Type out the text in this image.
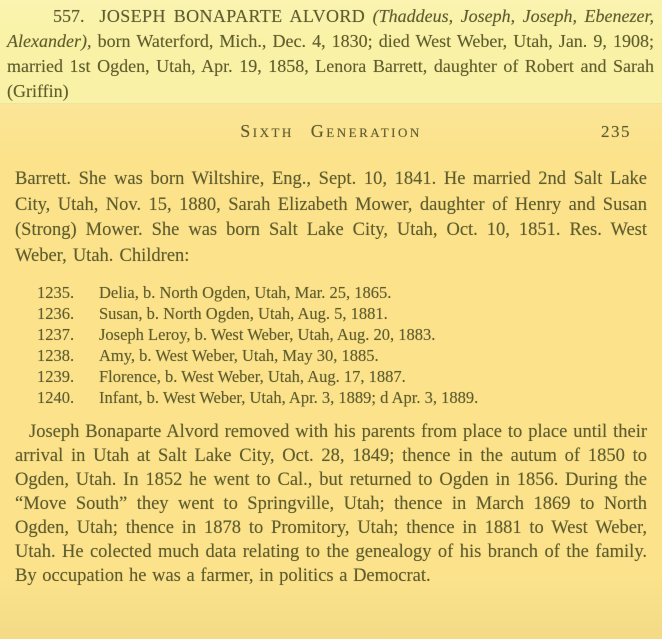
557. JOSEPH BONAPARTE ALVORD (Thaddeus, Joseph, Joseph, Ebenezer, Alexander), born Waterford, Mich., Dec. 4, 1830; died West Weber, Utah, Jan. 9, 1908; married 1st Ogden, Utah, Apr. 19, 1858, Lenora Barrett, daughter of Robert and Sarah (Griffin)

Sixth Generation	235

Barrett. She was born Wiltshire, Eng., Sept. 10, 1841. He married 2nd Salt Lake City, Utah, Nov. 15, 1880, Sarah Elizabeth Mower, daughter of Henry and Susan (Strong) Mower. She was born Salt Lake City, Utah, Oct. 10, 1851. Res. West Weber, Utah. Children:

1235.	Delia, b. North Ogden, Utah, Mar. 25, 1865.
1236.	Susan, b. North Ogden, Utah, Aug. 5, 1881.
1237.	Joseph Leroy, b. West Weber, Utah, Aug. 20, 1883.
1238.	Amy, b. West Weber, Utah, May 30, 1885.
1239.	Florence, b. West Weber, Utah, Aug. 17, 1887.
1240.	Infant, b. West Weber, Utah, Apr. 3, 1889; d Apr. 3, 1889.

Joseph Bonaparte Alvord removed with his parents from place to place until their arrival in Utah at Salt Lake City, Oct. 28, 1849; thence in the autum of 1850 to Ogden, Utah. In 1852 he went to Cal., but returned to Ogden in 1856. During the “Move South” they went to Springville, Utah; thence in March 1869 to North Ogden, Utah; thence in 1878 to Promitory, Utah; thence in 1881 to West Weber, Utah. He colected much data relating to the genealogy of his branch of the family. By occupation he was a farmer, in politics a Democrat.
